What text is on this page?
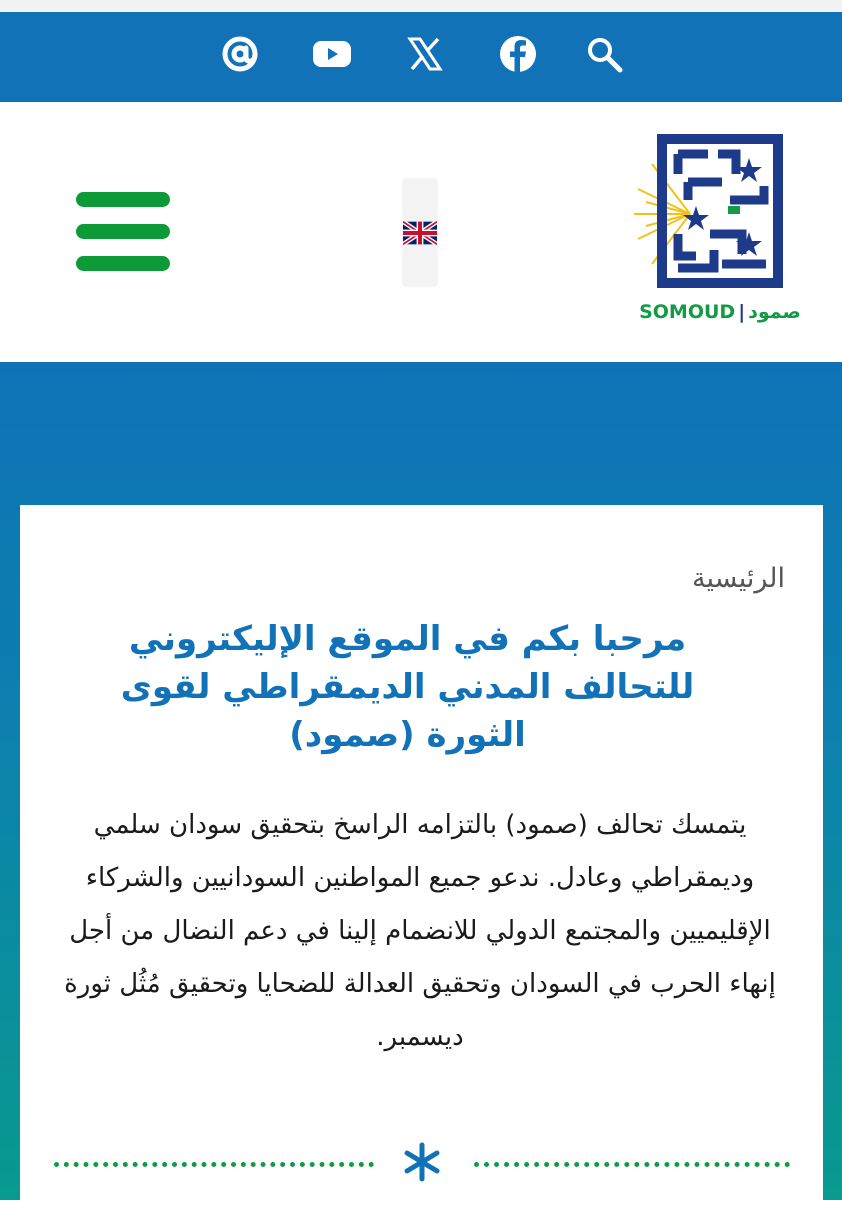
SOMOUD | صمود
الرئيسية
مرحبا بكم في الموقع الإليكتروني للتحالف المدني الديمقراطي لقوى الثورة (صمود)

يتمسك تحالف (صمود) بالتزامه الراسخ بتحقيق سودان سلمي وديمقراطي وعادل. ندعو جميع المواطنين السودانيين والشركاء الإقليميين والمجتمع الدولي للانضمام إلينا في دعم النضال من أجل إنهاء الحرب في السودان وتحقيق العدالة للضحايا وتحقيق مُثُل ثورة ديسمبر.
